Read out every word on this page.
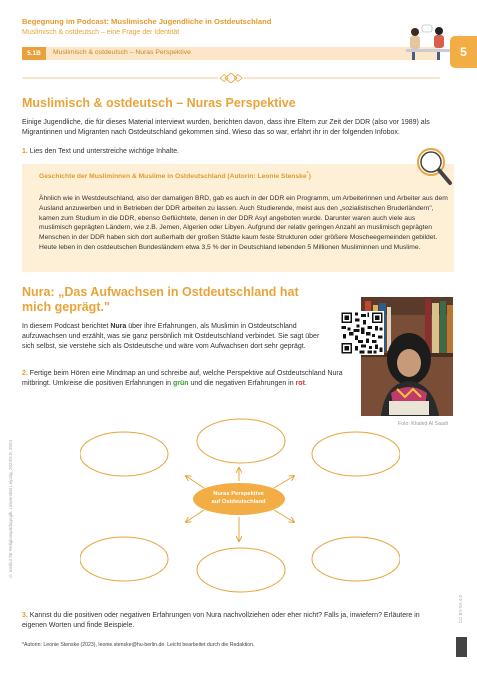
Begegnung im Podcast: Muslimische Jugendliche in Ostdeutschland
Muslimisch & ostdeutsch – eine Frage der Identität
5.1B	Muslimisch & ostdeutsch – Nuras Perspektive	5
Muslimisch & ostdeutsch – Nuras Perspektive
Einige Jugendliche, die für dieses Material interviewt wurden, berichten davon, dass ihre Eltern zur Zeit der DDR (also vor 1989) als Migrantinnen und Migranten nach Ostdeutschland gekommen sind. Wieso das so war, erfahrt ihr in der folgenden Infobox.
1. Lies den Text und unterstreiche wichtige Inhalte.
Geschichte der Musliminnen & Muslime in Ostdeutschland (Autorin: Leonie Stenske*)
Ähnlich wie in Westdeutschland, also der damaligen BRD, gab es auch in der DDR ein Programm, um Arbeiterinnen und Arbeiter aus dem Ausland anzuwerben und in Betrieben der DDR arbeiten zu lassen. Auch Studierende, meist aus den „sozialistischen Bruderländern", kamen zum Studium in die DDR, ebenso Geflüchtete, denen in der DDR Asyl angeboten wurde. Darunter waren auch viele aus muslimisch geprägten Ländern, wie z.B. Jemen, Algerien oder Libyen. Aufgrund der relativ geringen Anzahl an muslimisch geprägten Menschen in der DDR haben sich dort außerhalb der großen Städte kaum feste Strukturen oder größere Moscheegemeinden gebildet. Heute leben in den ostdeutschen Bundesländern etwa 3,5 % der in Deutschland lebenden 5 Millionen Musliminnen und Muslime.
Nura: „Das Aufwachsen in Ostdeutschland hat mich geprägt."
In diesem Podcast berichtet Nura über ihre Erfahrungen, als Muslimin in Ostdeutschland aufzuwachsen und erzählt, was sie ganz persönlich mit Ostdeutschland verbindet. Sie sagt über sich selbst, sie verstehe sich als Ostdeutsche und wäre vom Aufwachsen dort sehr geprägt.
2. Fertige beim Hören eine Mindmap an und schreibe auf, welche Perspektive auf Ostdeutschland Nura mitbringt. Umkreise die positiven Erfahrungen in grün und die negativen Erfahrungen in rot.
Foto: Khaled Al Saadi
Nuras Perspektive
auf Ostdeutschland
3. Kannst du die positiven oder negativen Erfahrungen von Nura nachvollziehen oder eher nicht? Falls ja, inwiefern? Erläutere in eigenen Worten und finde Beispiele.
*Autorin: Leonie Stenske (2023), leonie.stenske@hu-berlin.de. Leicht bearbeitet durch die Redaktion.
© Institut für Religionspädagogik, Universität Leipzig, 2023/4.0, 2024
CC BY-SA 4.0
